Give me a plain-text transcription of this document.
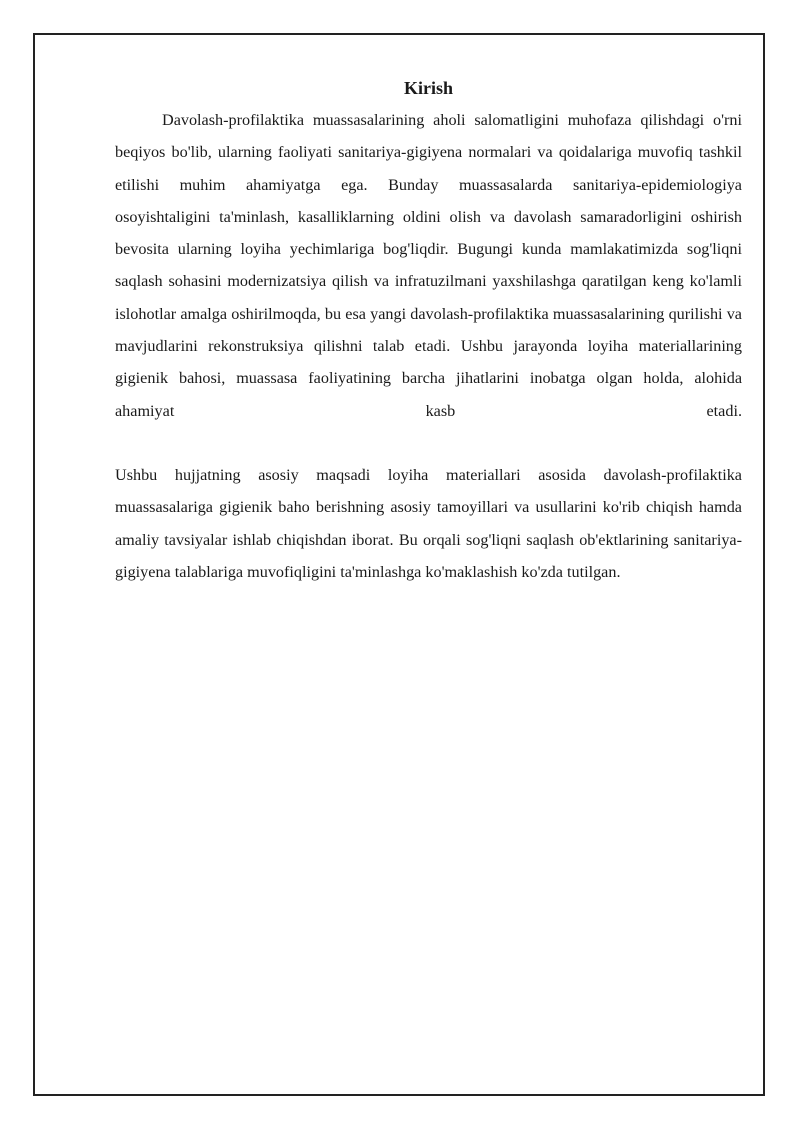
Kirish

Davolash-profilaktika muassasalarining aholi salomatligini muhofaza qilishdagi o'rni beqiyos bo'lib, ularning faoliyati sanitariya-gigiyena normalari va qoidalariga muvofiq tashkil etilishi muhim ahamiyatga ega. Bunday muassasalarda sanitariya-epidemiologiya osoyishtaligini ta'minlash, kasalliklarning oldini olish va davolash samaradorligini oshirish bevosita ularning loyiha yechimlariga bog'liqdir. Bugungi kunda mamlakatimizda sog'liqni saqlash sohasini modernizatsiya qilish va infratuzilmani yaxshilashga qaratilgan keng ko'lamli islohotlar amalga oshirilmoqda, bu esa yangi davolash-profilaktika muassasalarining qurilishi va mavjudlarini rekonstruksiya qilishni talab etadi. Ushbu jarayonda loyiha materiallarining gigienik bahosi, muassasa faoliyatining barcha jihatlarini inobatga olgan holda, alohida ahamiyat kasb etadi.

Ushbu hujjatning asosiy maqsadi loyiha materiallari asosida davolash-profilaktika muassasalariga gigienik baho berishning asosiy tamoyillari va usullarini ko'rib chiqish hamda amaliy tavsiyalar ishlab chiqishdan iborat. Bu orqali sog'liqni saqlash ob'ektlarining sanitariya-gigiyena talablariga muvofiqligini ta'minlashga ko'maklashish ko'zda tutilgan.
